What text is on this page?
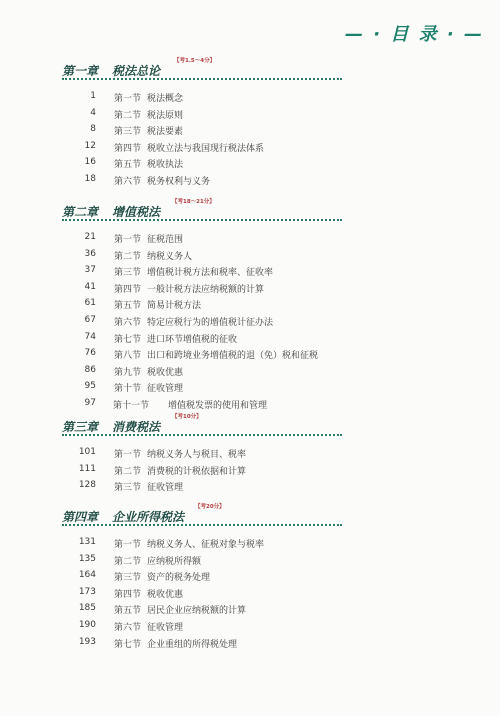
— · 目 录 · —
第一章 税法总论
【考1.5～4分】
1 第一节 税法概念
4 第二节 税法原则
8 第三节 税法要素
12 第四节 税收立法与我国现行税法体系
16 第五节 税收执法
18 第六节 税务权利与义务
第二章 增值税法
【考18～21分】
21 第一节 征税范围
36 第二节 纳税义务人
37 第三节 增值税计税方法和税率、征收率
41 第四节 一般计税方法应纳税额的计算
61 第五节 简易计税方法
67 第六节 特定应税行为的增值税计征办法
74 第七节 进口环节增值税的征收
76 第八节 出口和跨境业务增值税的退（免）税和征税
86 第九节 税收优惠
95 第十节 征收管理
97 第十一节 增值税发票的使用和管理
第三章 消费税法
【考10分】
101 第一节 纳税义务人与税目、税率
111 第二节 消费税的计税依据和计算
128 第三节 征收管理
第四章 企业所得税法
【考20分】
131 第一节 纳税义务人、征税对象与税率
135 第二节 应纳税所得额
164 第三节 资产的税务处理
173 第四节 税收优惠
185 第五节 居民企业应纳税额的计算
190 第六节 征收管理
193 第七节 企业重组的所得税处理
